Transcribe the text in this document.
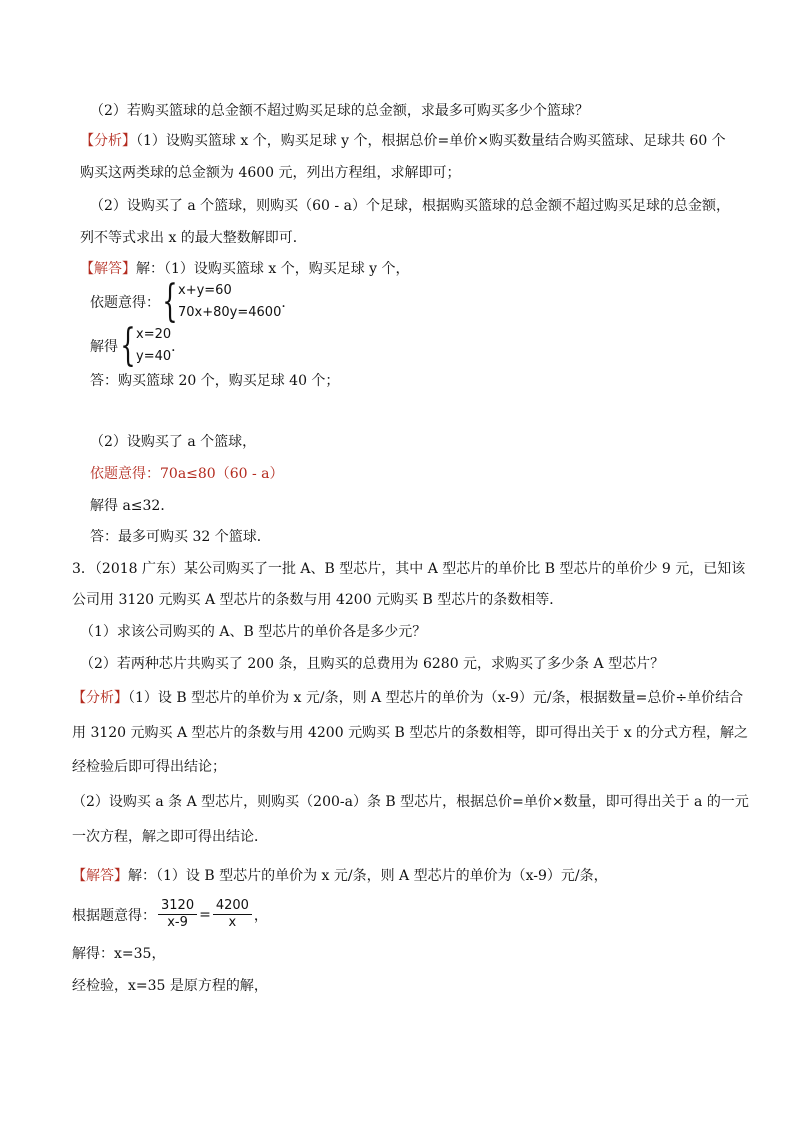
（2）若购买篮球的总金额不超过购买足球的总金额，求最多可购买多少个篮球？
【分析】（1）设购买篮球 x 个，购买足球 y 个，根据总价=单价×购买数量结合购买篮球、足球共 60 个
购买这两类球的总金额为 4600 元，列出方程组，求解即可；
（2）设购买了 a 个篮球，则购买（60 - a）个足球，根据购买篮球的总金额不超过购买足球的总金额，
列不等式求出 x 的最大整数解即可．
【解答】解：（1）设购买篮球 x 个，购买足球 y 个，
依题意得： { x+y=60
70x+80y=4600
．
解得 { x=20
y=40
．
答：购买篮球 20 个，购买足球 40 个；
（2）设购买了 a 个篮球，
依题意得：70a≤80（60 - a）
解得 a≤32．
答：最多可购买 32 个篮球．
3．（2018 广东）某公司购买了一批 A、B 型芯片，其中 A 型芯片的单价比 B 型芯片的单价少 9 元，已知该
公司用 3120 元购买 A 型芯片的条数与用 4200 元购买 B 型芯片的条数相等．
（1）求该公司购买的 A、B 型芯片的单价各是多少元？
（2）若两种芯片共购买了 200 条，且购买的总费用为 6280 元，求购买了多少条 A 型芯片？
【分析】（1）设 B 型芯片的单价为 x 元/条，则 A 型芯片的单价为（x-9）元/条，根据数量=总价÷单价结合
用 3120 元购买 A 型芯片的条数与用 4200 元购买 B 型芯片的条数相等，即可得出关于 x 的分式方程，解之
经检验后即可得出结论；
（2）设购买 a 条 A 型芯片，则购买（200-a）条 B 型芯片，根据总价=单价×数量，即可得出关于 a 的一元
一次方程，解之即可得出结论．
【解答】解：（1）设 B 型芯片的单价为 x 元/条，则 A 型芯片的单价为（x-9）元/条，
根据题意得： $\frac{3120}{x-9} = \frac{4200}{x}$ ，
解得：x=35，
经检验，x=35 是原方程的解，
